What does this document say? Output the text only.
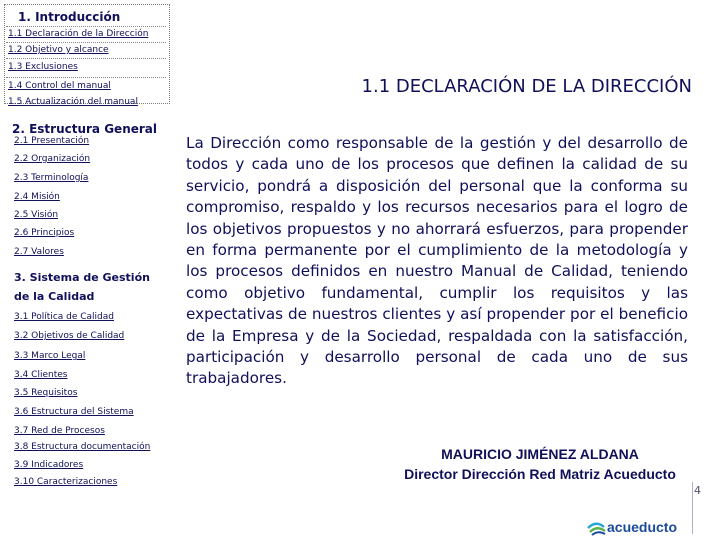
1. Introducción
1.1 Declaración de la Dirección
1.2 Objetivo y alcance
1.3 Exclusiones
1.4 Control del manual
1.5 Actualización del manual
2. Estructura General
2.1 Presentación
2.2 Organización
2.3 Terminología
2.4 Misión
2.5 Visión
2.6 Principios
2.7 Valores
3. Sistema de Gestión
de la Calidad
3.1 Política de Calidad
3.2 Objetivos de Calidad
3.3 Marco Legal
3.4 Clientes
3.5 Requisitos
3.6 Estructura del Sistema
3.7 Red de Procesos
3.8 Estructura documentación
3.9 Indicadores
3.10 Caracterizaciones
1.1 DECLARACIÓN DE LA DIRECCIÓN
La Dirección como responsable de la gestión y del desarrollo de todos y cada uno de los procesos que definen la calidad de su servicio, pondrá a disposición del personal que la conforma su compromiso, respaldo y los recursos necesarios para el logro de los objetivos propuestos y no ahorrará esfuerzos, para propender en forma permanente por el cumplimiento de la metodología y los procesos definidos en nuestro Manual de Calidad, teniendo como objetivo fundamental, cumplir los requisitos y las expectativas de nuestros clientes y así propender por el beneficio de la Empresa y de la Sociedad, respaldada con la satisfacción, participación y desarrollo personal de cada uno de sus trabajadores.
MAURICIO JIMÉNEZ ALDANA
Director Dirección Red Matriz Acueducto
4
acueducto
